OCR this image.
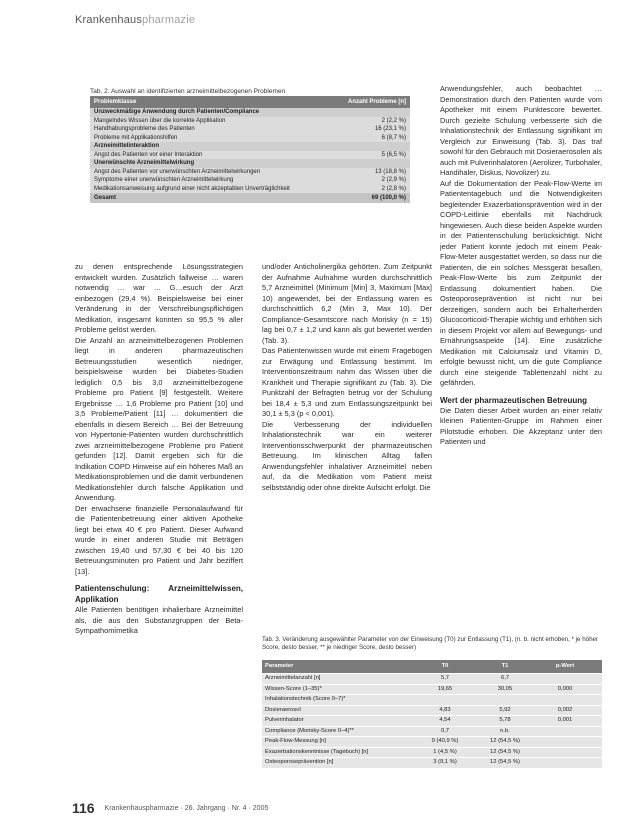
Krankenhauspharmazie
Tab. 2. Auswahl an identifizierten arzneimittelbezogenen Problemen
Problemklasse	Anzahl Probleme [n]
Unzweckmäßige Anwendung durch Patienten/Compliance
Mangelndes Wissen über die korrekte Applikation	2 (2,2 %)
Handhabungsprobleme des Patienten	16 (23,1 %)
Probleme mit Applikationshilfen	6 (8,7 %)
Arzneimittelinteraktion
Angst des Patienten vor einer Interaktion	5 (6,5 %)
Unerwünschte Arzneimittelwirkung
Angst des Patienten vor unerwünschten Arzneimittelwirkungen	13 (18,8 %)
Symptome einer unerwünschten Arzneimittelwirkung	2 (2,9 %)
Medikationsanweisung aufgrund einer nicht akzeptablen Unverträglichkeit	2 (2,8 %)
Gesamt	69 (100,0 %)

zu denen entsprechende Lösungsstrategien entwickelt wurden. Zusätzlich fallweise … waren notwendig … war … G…esuch der Arzt einbezogen (29,4 %). Beispielsweise bei einer Veränderung in der Verschreibungspflichtigen Medikation, insgesamt konnten so 95,5 % aller Probleme gelöst werden.

Die Anzahl an arzneimittelbezogenen Problemen liegt in anderen pharmazeutischen Betreuungsstudien wesentlich niedriger, beispielsweise wurden bei Diabetes-Studien lediglich 0,5 bis 3,0 arzneimittelbezogene Probleme pro Patient [9] festgestellt. Weitere Ergebnisse … 1,6 Probleme pro Patient [10] und 3,5 Probleme/Patient [11] … dokumentiert die ebenfalls in diesem Bereich … Bei der Betreuung von Hypertonie-Patienten wurden durchschnittlich zwei arzneimittelbezogene Probleme pro Patient gefunden [12]. Damit ergeben sich für die Indikation COPD Hinweise auf ein höheres Maß an Medikationsproblemen und die damit verbundenen Medikationsfehler durch falsche Applikation und Anwendung.

Der erwachsene finanzielle Personalaufwand für die Patientenbetreuung einer aktiven Apotheke liegt bei etwa 40 € pro Patient. Dieser Aufwand wurde in einer anderen Studie mit Beträgen zwischen 19,40 und 57,30 € bei 40 bis 120 Betreuungsminuten pro Patient und Jahr beziffert [13].

Patientenschulung: Arzneimittelwissen, Applikation

Alle Patienten benötigen inhalierbare Arzneimittel als, die aus den Substanzgruppen der Beta-Sympathomimetika

und/oder Anticholinergika gehörten. Zum Zeitpunkt der Aufnahme Aufnahme wurden durchschnittlich 5,7 Arzneimittel (Minimum [Min] 3, Maximum [Max] 10) angewendet, bei der Entlassung waren es durchschnittlich 6,2 (Min 3, Max 10). Der Compliance-Gesamtscore nach Morisky (n = 15) lag bei 0,7 ± 1,2 und kann als gut bewertet werden (Tab. 3).

Das Patientenwissen wurde mit einem Fragebogen zur Erwägung und Entlassung bestimmt. Im Interventionszeitraum nahm das Wissen über die Krankheit und Therapie signifikant zu (Tab. 3). Die Punktzahl der Befragten betrug vor der Schulung bei 18,4 ± 5,3 und zum Entlassungszeitpunkt bei 30,1 ± 5,3 (p < 0,001).

Die Verbesserung der individuellen Inhalationstechnik war ein weiterer Interventionsschwerpunkt der pharmazeutischen Betreuung. Im klinischen Alltag fallen Anwendungsfehler inhalativer Arzneimittel neben auf, da die Medikation vom Patient meist selbstständig oder ohne direkte Aufsicht erfolgt. Die

Anwendungsfehler, auch beobachtet … Demonstration durch den Patienten wurde vom Apotheker mit einem Punktescore bewertet. Durch gezielte Schulung verbesserte sich die Inhalationstechnik der Entlassung signifikant im Vergleich zur Einweisung (Tab. 3). Das traf sowohl für den Gebrauch mit Dosieraerosolen als auch mit Pulverinhalatoren (Aerolizer, Turbohaler, Handihaler, Diskus, Novolizer) zu.

Auf die Dokumentation der Peak-Flow-Werte im Patiententagebuch und die Notwendigkeiten begleitender Exazerbationsprävention wird in der COPD-Leitlinie ebenfalls mit Nachdruck hingewiesen. Auch diese beiden Aspekte wurden in der Patientenschulung berücksichtigt. Nicht jeder Patient konnte jedoch mit einem Peak-Flow-Meter ausgestattet werden, so dass nur die Patienten, die ein solches Messgerät besaßen, Peak-Flow-Werte bis zum Zeitpunkt der Entlassung dokumentiert haben. Die Osteoporoseprävention ist nicht nur bei derzeitigen, sondern auch bei Erhalterherden Glucocorticoid-Therapie wichtig und erhöhen sich in diesem Projekt vor allem auf Bewegungs- und Ernährungsaspekte [14]. Eine zusätzliche Medikation mit Calciumsalz und Vitamin D, erfolgte bewusst nicht, um die gute Compliance durch eine steigende Tablettenzahl nicht zu gefährden.

Wert der pharmazeutischen Betreuung

Die Daten dieser Arbeit wurden an einer relativ kleinen Patienten-Gruppe im Rahmen einer Pilotstudie erhoben. Die Akzeptanz unter den Patienten und

Tab. 3. Veränderung ausgewählter Parameter von der Einweisung (T0) zur Entlassung (T1), (n. b. nicht erhoben, * je höher Score, desto besser, ** je niedriger Score, desto besser)
Parameter	T0	T1	p-Wert
Arzneimittelanzahl [n]	5,7	6,7
Wissen-Score (1–35)*	19,65	30,05	0,000
Inhalationstechnik (Score 0–7)*
Dosieraerosol	4,83	5,92	0,002
Pulverinhalator	4,54	5,78	0,001
Compliance (Morisky-Score 0–4)**	0,7	n.b.
Peak-Flow-Messung [n]	9 (40,9 %)	12 (54,5 %)
Exazerbationskenntnisse (Tagebuch) [n]	1 (4,5 %)	12 (54,5 %)
Osteoporoseprävention [n]	3 (9,1 %)	12 (54,5 %)
116 Krankenhauspharmazie · 26. Jahrgang · Nr. 4 · 2005
